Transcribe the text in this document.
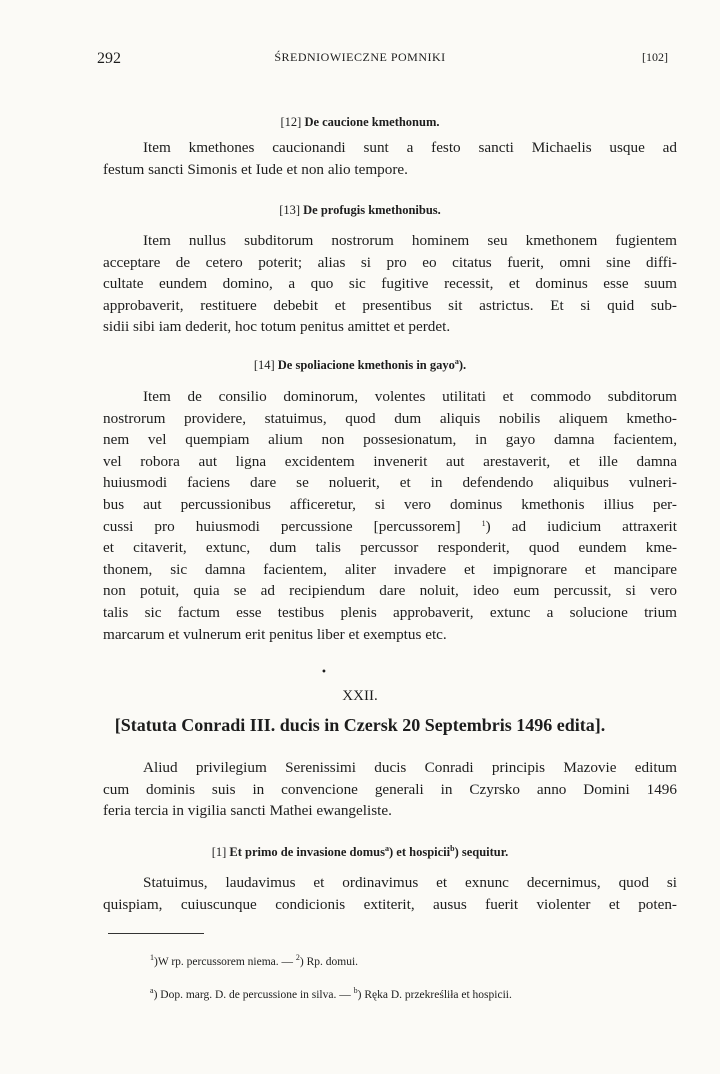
292	ŚREDNIOWIECZNE POMNIKI	[102]
[12] De caucione kmethonum.
Item kmethones caucionandi sunt a festo sancti Michaelis usque ad
festum sancti Simonis et Iude et non alio tempore.
[13] De profugis kmethonibus.
Item nullus subditorum nostrorum hominem seu kmethonem fugientem
acceptare de cetero poterit; alias si pro eo citatus fuerit, omni sine diffi-
cultate eundem domino, a quo sic fugitive recessit, et dominus esse suum
approbaverit, restituere debebit et presentibus sit astrictus. Et si quid sub-
sidii sibi iam dederit, hoc totum penitus amittet et perdet.
[14] De spoliacione kmethonis in gayo$^a$).
Item de consilio dominorum, volentes utilitati et commodo subditorum
nostrorum providere, statuimus, quod dum aliquis nobilis aliquem kmetho-
nem vel quempiam alium non possesionatum, in gayo damna facientem,
vel robora aut ligna excidentem invenerit aut arestaverit, et ille damna
huiusmodi faciens dare se noluerit, et in defendendo aliquibus vulneri-
bus aut percussionibus afficeretur, si vero dominus kmethonis illius per-
cussi pro huiusmodi percussione [percussorem]	$^1$) ad iudicium attraxerit
et citaverit, extunc, dum talis percussor responderit, quod eundem kme-
thonem, sic damna facientem, aliter invadere et impignorare et mancipare
non potuit, quia se ad recipiendum dare noluit, ideo eum percussit, si vero
talis sic factum esse testibus plenis approbaverit, extunc a solucione trium
marcarum et vulnerum erit penitus liber et exemptus etc.
•
XXII.
[Statuta Conradi III. ducis in Czersk 20 Septembris 1496 edita].
Aliud privilegium Serenissimi ducis Conradi principis Mazovie editum
cum dominis suis in convencione generali in Czyrsko anno Domini 1496
feria tercia in vigilia sancti Mathei ewangeliste.
[1] Et primo de invasione domus$^a$) et hospicii$^b$) sequitur.
Statuimus, laudavimus et ordinavimus et exnunc decernimus, quod si
quispiam, cuiuscunque condicionis extiterit, ausus fuerit violenter et poten-
$^1$)W rp. percussorem niema. — $^2$) Rp. domui.
$^a$) Dop. marg. D. de percussione in silva. — $^b$) Ręka D. przekreśliła et hospicii.
